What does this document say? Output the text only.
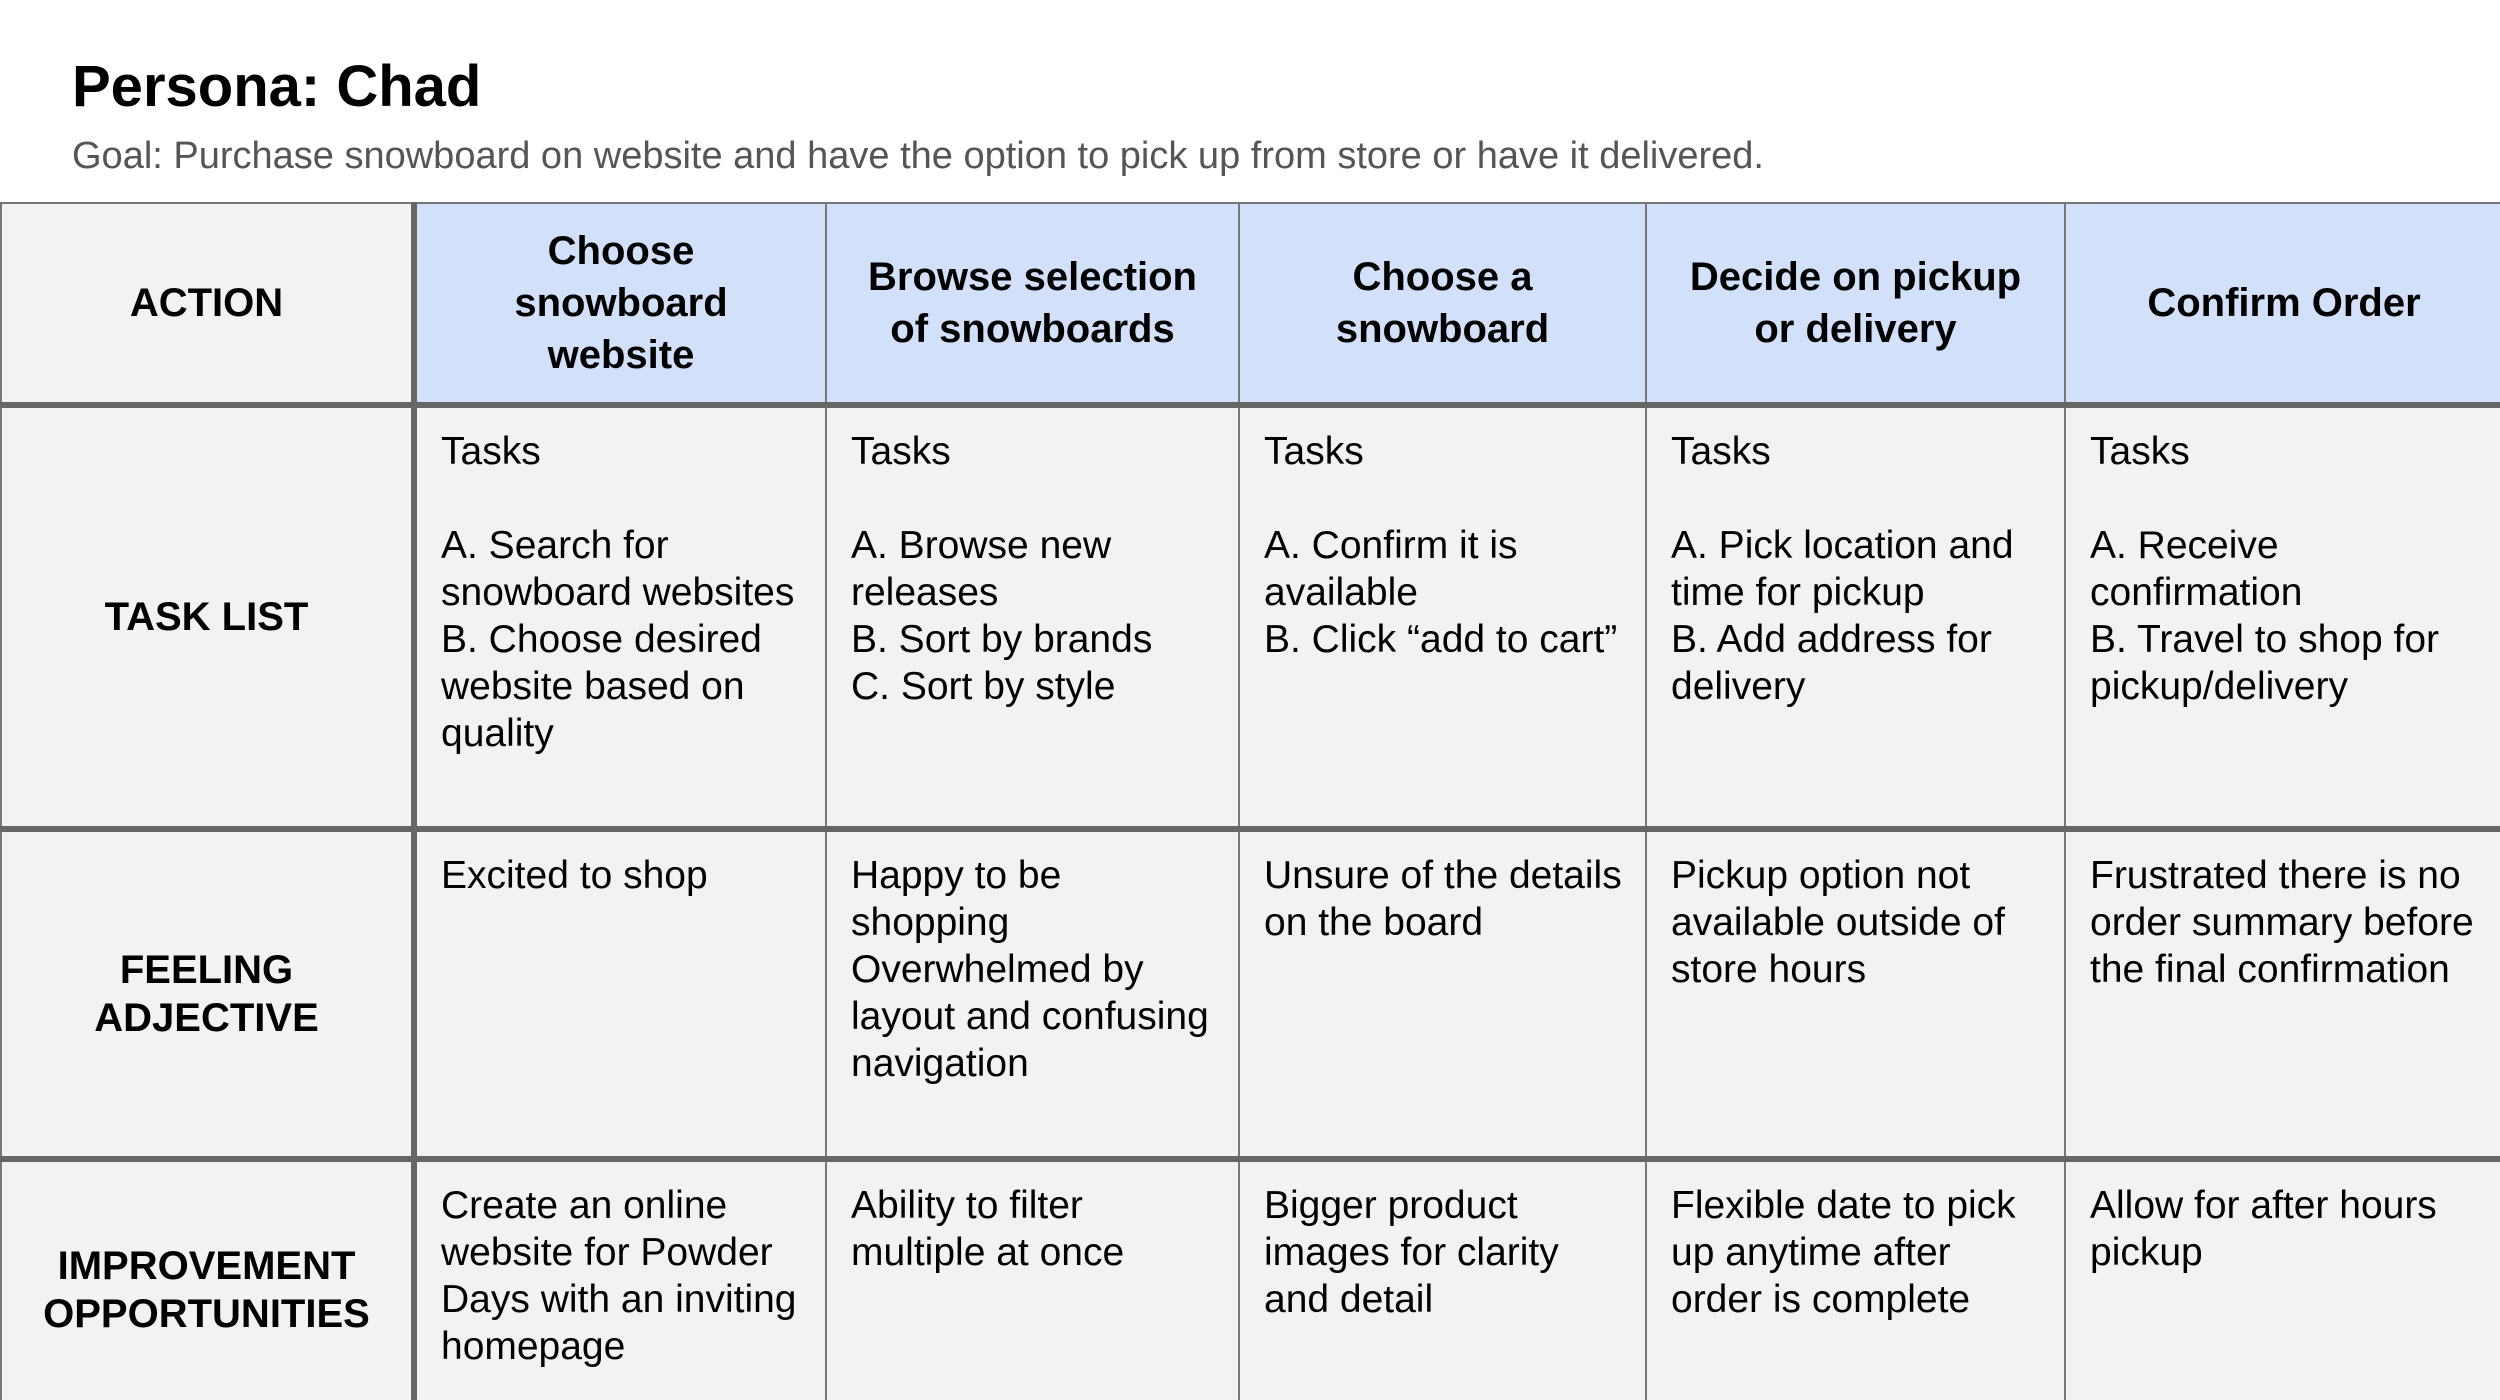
Persona: Chad
Goal: Purchase snowboard on website and have the option to pick up from store or have it delivered.
ACTION	Choose snowboard website	Browse selection of snowboards	Choose a snowboard	Decide on pickup or delivery	Confirm Order

TASK LIST	Tasks

A. Search for snowboard websites
B. Choose desired website based on quality	Tasks

A. Browse new releases
B. Sort by brands
C. Sort by style	Tasks

A. Confirm it is available
B. Click “add to cart”	Tasks

A. Pick location and time for pickup
B. Add address for delivery	Tasks

A. Receive confirmation
B. Travel to shop for pickup/delivery

FEELING
ADJECTIVE	Excited to shop	Happy to be shopping
Overwhelmed by layout and confusing navigation	Unsure of the details on the board	Pickup option not available outside of store hours	Frustrated there is no order summary before the final confirmation

IMPROVEMENT
OPPORTUNITIES	Create an online website for Powder Days with an inviting homepage	Ability to filter multiple at once	Bigger product images for clarity and detail	Flexible date to pick up anytime after order is complete	Allow for after hours pickup
